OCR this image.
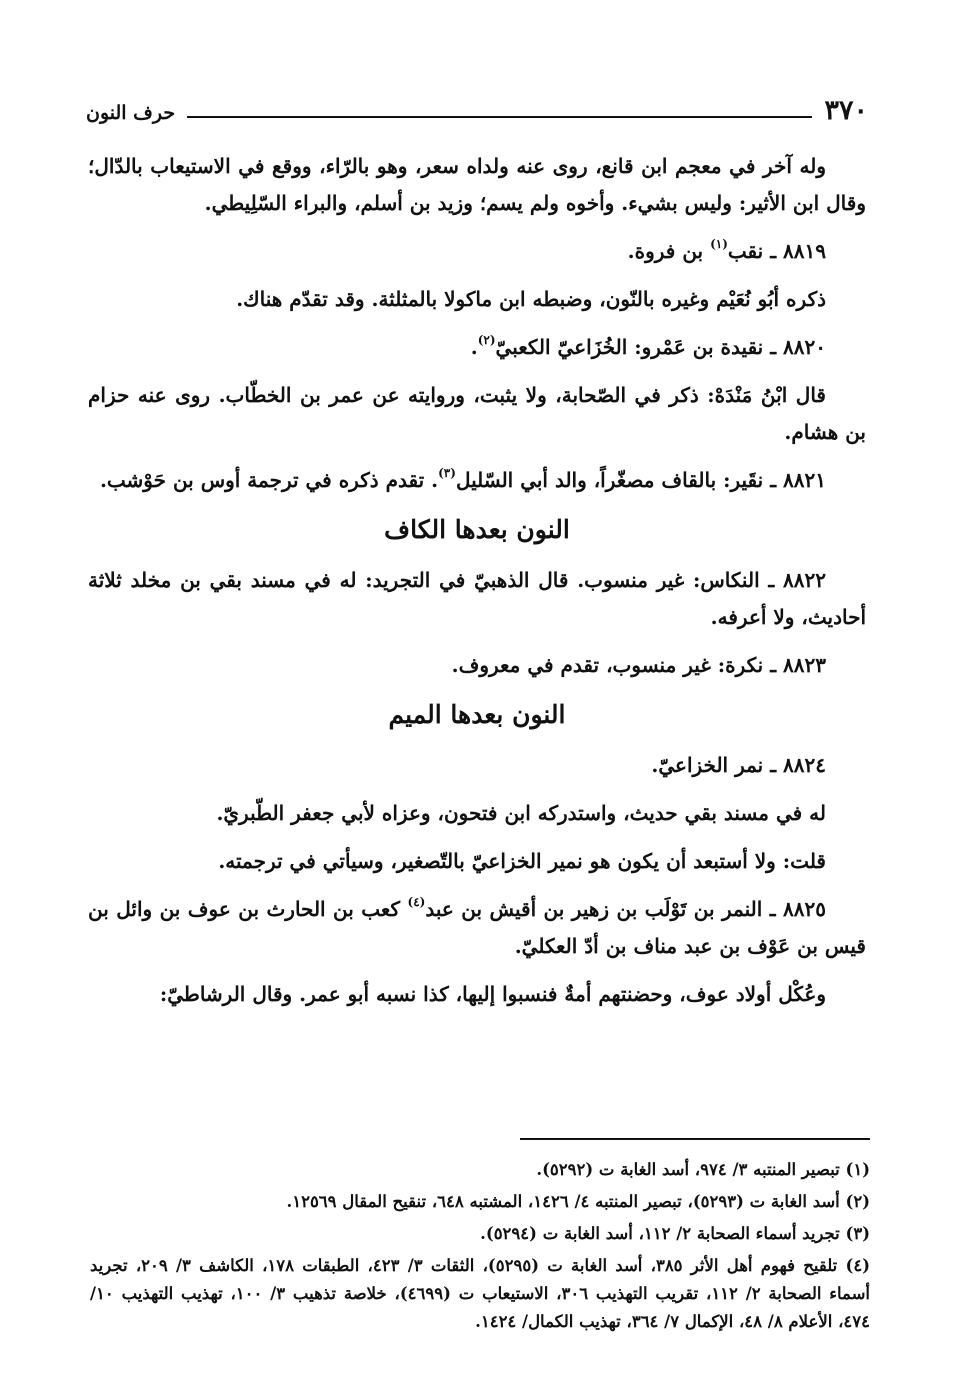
٣٧٠
حرف النون

وله آخر في معجم ابن قانع، روى عنه ولداه سعر، وهو بالرّاء، ووقع في الاستيعاب بالدّال؛ وقال ابن الأثير: وليس بشيء. وأخوه ولم يسم؛ وزيد بن أسلم، والبراء السّلِيطي.

٨٨١٩ ـ نقب$^{(١)}$ بن فروة.

ذكره أبُو نُعَيْم وغيره بالنّون، وضبطه ابن ماكولا بالمثلثة. وقد تقدّم هناك.

٨٨٢٠ ـ نقيدة بن عَمْرو: الخُزَاعيّ الكعبيّ$^{(٢)}$.

قال ابْنُ مَنْدَهْ: ذكر في الصّحابة، ولا يثبت، وروايته عن عمر بن الخطّاب. روى عنه حزام بن هشام.

٨٨٢١ ـ نقَير: بالقاف مصغّراً، والد أبي السّليل$^{(٣)}$. تقدم ذكره في ترجمة أوس بن حَوْشب.

النون بعدها الكاف

٨٨٢٢ ـ النكاس: غير منسوب. قال الذهبيّ في التجريد: له في مسند بقي بن مخلد ثلاثة أحاديث، ولا أعرفه.

٨٨٢٣ ـ نكرة: غير منسوب، تقدم في معروف.

النون بعدها الميم

٨٨٢٤ ـ نمر الخزاعيّ.

له في مسند بقي حديث، واستدركه ابن فتحون، وعزاه لأبي جعفر الطّبريّ.

قلت: ولا أستبعد أن يكون هو نمير الخزاعيّ بالتّصغير، وسيأتي في ترجمته.

٨٨٢٥ ـ النمر بن تَوْلَب بن زهير بن أقيش بن عبد$^{(٤)}$ كعب بن الحارث بن عوف بن وائل بن قيس بن عَوْف بن عبد مناف بن أدّ العكليّ.

وعُكْل أولاد عوف، وحضنتهم أمةٌ فنسبوا إليها، كذا نسبه أبو عمر. وقال الرشاطيّ:

(١) تبصير المنتبه ٣/ ٩٧٤، أسد الغابة ت (٥٢٩٢).

(٢) أسد الغابة ت (٥٢٩٣)، تبصير المنتبه ٤/ ١٤٢٦، المشتبه ٦٤٨، تنقيح المقال ١٢٥٦٩.

(٣) تجريد أسماء الصحابة ٢/ ١١٢، أسد الغابة ت (٥٢٩٤).

(٤) تلقيح فهوم أهل الأثر ٣٨٥، أسد الغابة ت (٥٢٩٥)، الثقات ٣/ ٤٢٣، الطبقات ١٧٨، الكاشف ٣/ ٢٠٩، تجريد أسماء الصحابة ٢/ ١١٢، تقريب التهذيب ٣٠٦، الاستيعاب ت (٤٦٩٩)، خلاصة تذهيب ٣/ ١٠٠، تهذيب التهذيب ١٠/ ٤٧٤، الأعلام ٨/ ٤٨، الإكمال ٧/ ٣٦٤، تهذيب الكمال/ ١٤٢٤.
